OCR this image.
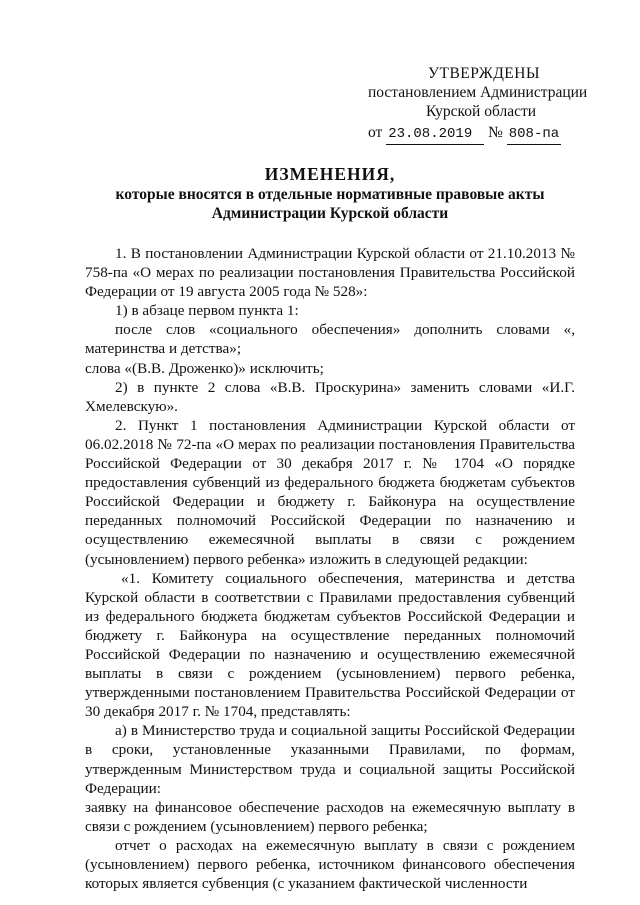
УТВЕРЖДЕНЫ
постановлением Администрации
Курской области
от 23.08.2019 № 808-па
ИЗМЕНЕНИЯ,
которые вносятся в отдельные нормативные правовые акты
Администрации Курской области

1. В постановлении Администрации Курской области от 21.10.2013 № 758-па «О мерах по реализации постановления Правительства Российской Федерации от 19 августа 2005 года № 528»:

1) в абзаце первом пункта 1:

после слов «социального обеспечения» дополнить словами «, материнства и детства»;

слова «(В.В. Дроженко)» исключить;

2) в пункте 2 слова «В.В. Проскурина» заменить словами «И.Г. Хмелевскую».

2. Пункт 1 постановления Администрации Курской области от 06.02.2018 № 72-па «О мерах по реализации постановления Правительства Российской Федерации от 30 декабря 2017 г. № 1704 «О порядке предоставления субвенций из федерального бюджета бюджетам субъектов Российской Федерации и бюджету г. Байконура на осуществление переданных полномочий Российской Федерации по назначению и осуществлению ежемесячной выплаты в связи с рождением (усыновлением) первого ребенка» изложить в следующей редакции:

«1. Комитету социального обеспечения, материнства и детства Курской области в соответствии с Правилами предоставления субвенций из федерального бюджета бюджетам субъектов Российской Федерации и бюджету г. Байконура на осуществление переданных полномочий Российской Федерации по назначению и осуществлению ежемесячной выплаты в связи с рождением (усыновлением) первого ребенка, утвержденными постановлением Правительства Российской Федерации от 30 декабря 2017 г. № 1704, представлять:

а) в Министерство труда и социальной защиты Российской Федерации в сроки, установленные указанными Правилами, по формам, утвержденным Министерством труда и социальной защиты Российской Федерации:

заявку на финансовое обеспечение расходов на ежемесячную выплату в связи с рождением (усыновлением) первого ребенка;

отчет о расходах на ежемесячную выплату в связи с рождением (усыновлением) первого ребенка, источником финансового обеспечения которых является субвенция (с указанием фактической численности
